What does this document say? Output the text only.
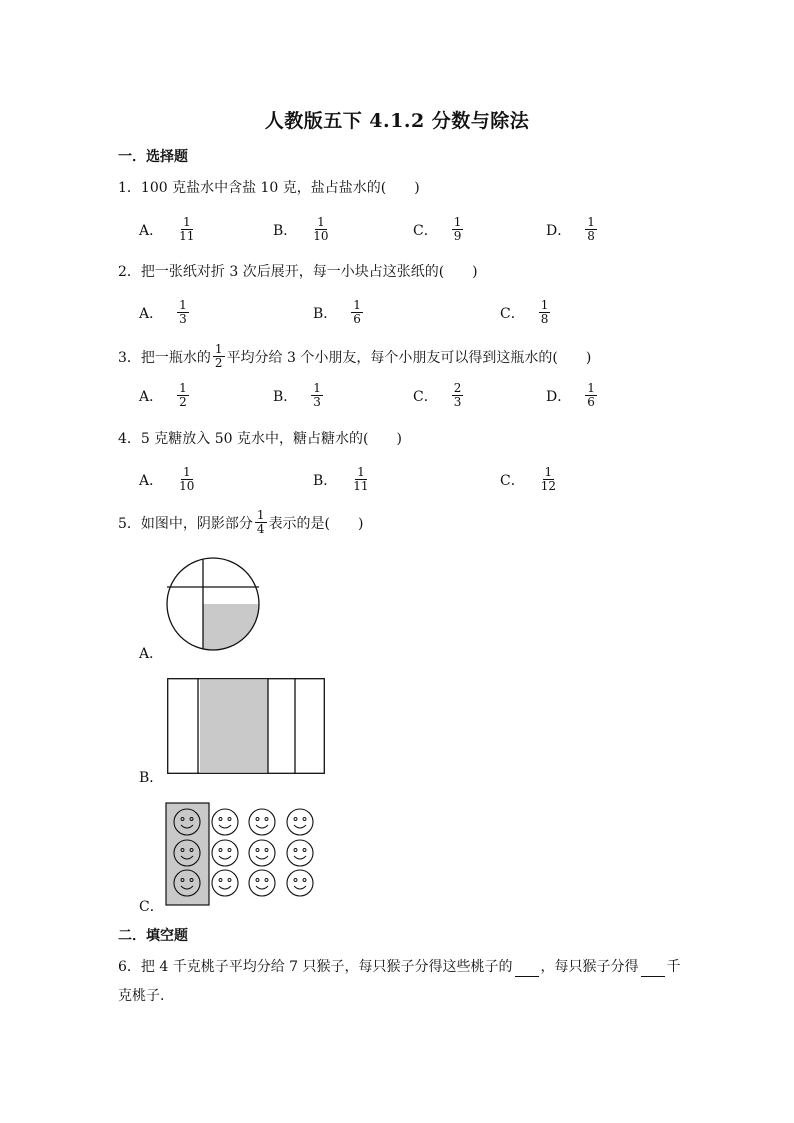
人教版五下 4.1.2 分数与除法
一．选择题
1．100 克盐水中含盐 10 克，盐占盐水的(　　)
A． $\frac{1}{11}$	B． $\frac{1}{10}$	C． $\frac{1}{9}$	D． $\frac{1}{8}$
2．把一张纸对折 3 次后展开，每一小块占这张纸的(　　)
A． $\frac{1}{3}$	B． $\frac{1}{6}$	C． $\frac{1}{8}$
3．把一瓶水的 $\frac{1}{2}$ 平均分给 3 个小朋友，每个小朋友可以得到这瓶水的(　　)
A． $\frac{1}{2}$	B． $\frac{1}{3}$	C． $\frac{2}{3}$	D． $\frac{1}{6}$
4．5 克糖放入 50 克水中，糖占糖水的(　　)
A． $\frac{1}{10}$	B． $\frac{1}{11}$	C． $\frac{1}{12}$
5．如图中，阴影部分 $\frac{1}{4}$ 表示的是(　　)
A．
B．
C．
二．填空题
6．把 4 千克桃子平均分给 7 只猴子，每只猴子分得这些桃子的 ，每只猴子分得 千
克桃子.
